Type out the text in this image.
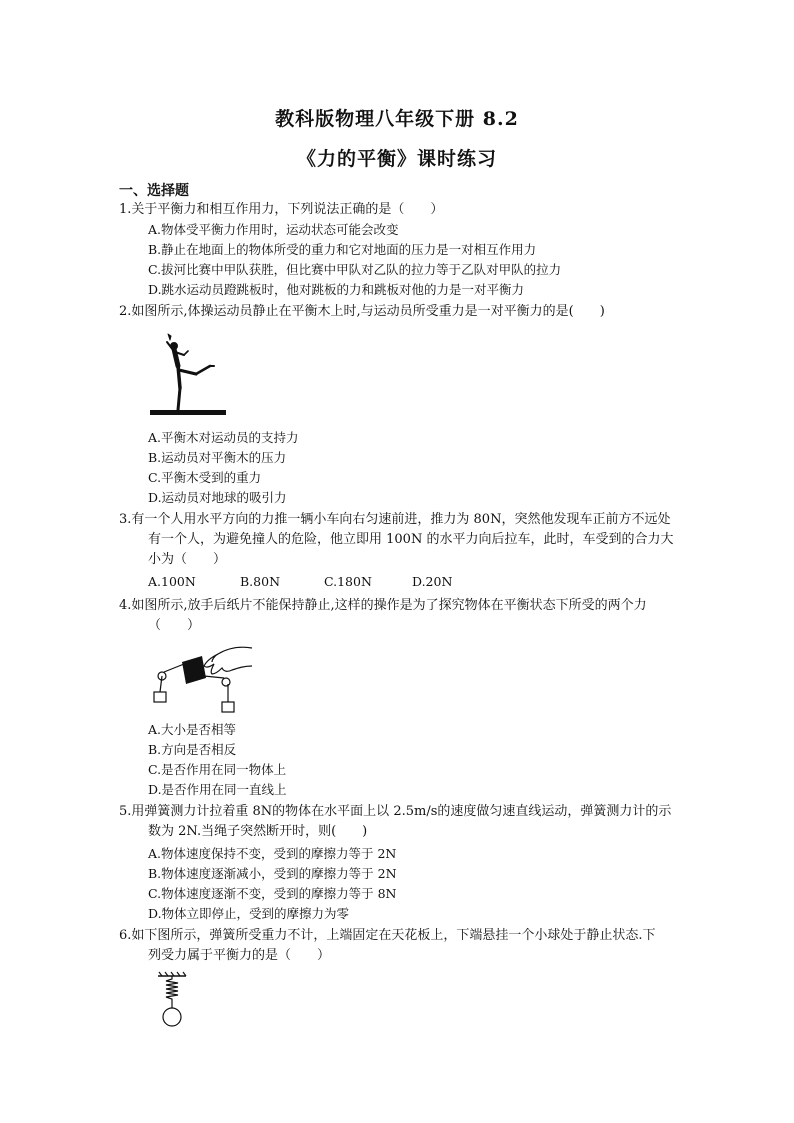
教科版物理八年级下册 8.2
《力的平衡》课时练习
一、选择题
1.关于平衡力和相互作用力，下列说法正确的是（　　）
A.物体受平衡力作用时，运动状态可能会改变
B.静止在地面上的物体所受的重力和它对地面的压力是一对相互作用力
C.拔河比赛中甲队获胜，但比赛中甲队对乙队的拉力等于乙队对甲队的拉力
D.跳水运动员蹬跳板时，他对跳板的力和跳板对他的力是一对平衡力
2.如图所示,体操运动员静止在平衡木上时,与运动员所受重力是一对平衡力的是(　　)
A.平衡木对运动员的支持力
B.运动员对平衡木的压力
C.平衡木受到的重力
D.运动员对地球的吸引力
3.有一个人用水平方向的力推一辆小车向右匀速前进，推力为 80N，突然他发现车正前方不远处
有一个人，为避免撞人的危险，他立即用 100N 的水平力向后拉车，此时，车受到的合力大
小为（　　）
A.100N	B.80N	C.180N	D.20N
4.如图所示,放手后纸片不能保持静止,这样的操作是为了探究物体在平衡状态下所受的两个力
（　　）
A.大小是否相等
B.方向是否相反
C.是否作用在同一物体上
D.是否作用在同一直线上
5.用弹簧测力计拉着重 8N的物体在水平面上以 2.5m/s的速度做匀速直线运动，弹簧测力计的示
数为 2N.当绳子突然断开时，则(　　)
A.物体速度保持不变，受到的摩擦力等于 2N
B.物体速度逐渐减小，受到的摩擦力等于 2N
C.物体速度逐渐不变，受到的摩擦力等于 8N
D.物体立即停止，受到的摩擦力为零
6.如下图所示，弹簧所受重力不计，上端固定在天花板上，下端悬挂一个小球处于静止状态.下
列受力属于平衡力的是（　　）
